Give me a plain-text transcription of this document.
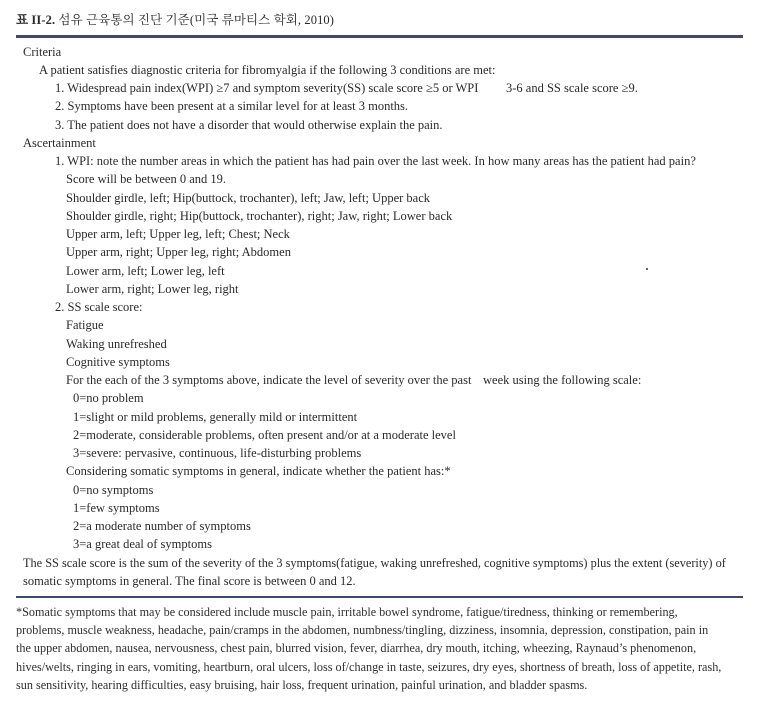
표 II-2. 섬유 근육통의 진단 기준(미국 류마티스 학회, 2010)
Criteria
A patient satisfies diagnostic criteria for fibromyalgia if the following 3 conditions are met:
1. Widespread pain index(WPI) ≥7 and symptom severity(SS) scale score ≥5 or WPI 3-6 and SS scale score ≥9.
2. Symptoms have been present at a similar level for at least 3 months.
3. The patient does not have a disorder that would otherwise explain the pain.
Ascertainment
1. WPI: note the number areas in which the patient has had pain over the last week. In how many areas has the patient had pain?
Score will be between 0 and 19.
Shoulder girdle, left; Hip(buttock, trochanter), left; Jaw, left; Upper back
Shoulder girdle, right; Hip(buttock, trochanter), right; Jaw, right; Lower back
Upper arm, left; Upper leg, left; Chest; Neck
Upper arm, right; Upper leg, right; Abdomen
Lower arm, left; Lower leg, left
Lower arm, right; Lower leg, right
2. SS scale score:
Fatigue
Waking unrefreshed
Cognitive symptoms
For the each of the 3 symptoms above, indicate the level of severity over the past week using the following scale:
0=no problem
1=slight or mild problems, generally mild or intermittent
2=moderate, considerable problems, often present and/or at a moderate level
3=severe: pervasive, continuous, life-disturbing problems
Considering somatic symptoms in general, indicate whether the patient has:*
0=no symptoms
1=few symptoms
2=a moderate number of symptoms
3=a great deal of symptoms
The SS scale score is the sum of the severity of the 3 symptoms(fatigue, waking unrefreshed, cognitive symptoms) plus the extent (severity) of
somatic symptoms in general. The final score is between 0 and 12.
*Somatic symptoms that may be considered include muscle pain, irritable bowel syndrome, fatigue/tiredness, thinking or remembering,
problems, muscle weakness, headache, pain/cramps in the abdomen, numbness/tingling, dizziness, insomnia, depression, constipation, pain in
the upper abdomen, nausea, nervousness, chest pain, blurred vision, fever, diarrhea, dry mouth, itching, wheezing, Raynaud’s phenomenon,
hives/welts, ringing in ears, vomiting, heartburn, oral ulcers, loss of/change in taste, seizures, dry eyes, shortness of breath, loss of appetite, rash,
sun sensitivity, hearing difficulties, easy bruising, hair loss, frequent urination, painful urination, and bladder spasms.
